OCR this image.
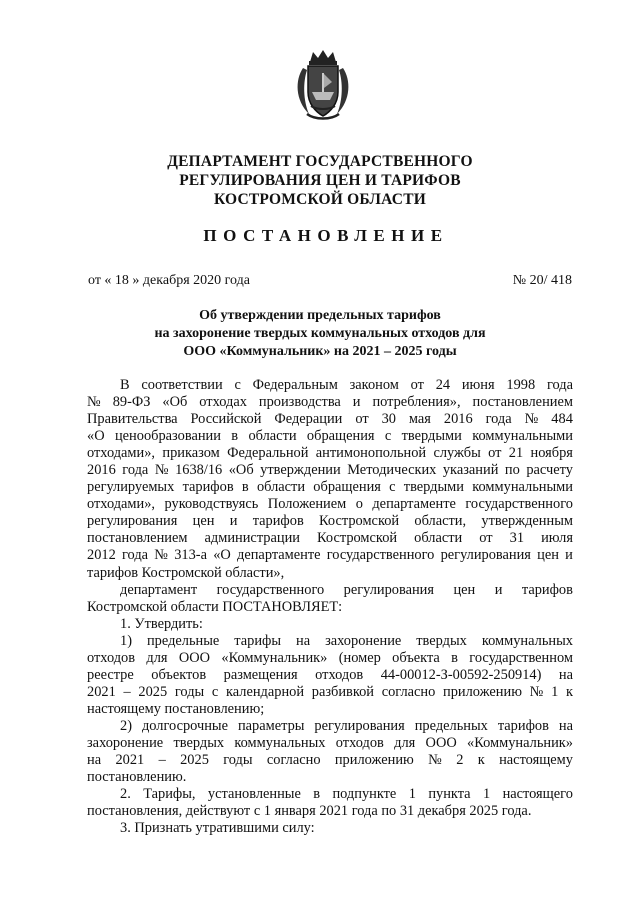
ДЕПАРТАМЕНТ ГОСУДАРСТВЕННОГО
РЕГУЛИРОВАНИЯ ЦЕН И ТАРИФОВ
КОСТРОМСКОЙ ОБЛАСТИ
ПОСТАНОВЛЕНИЕ
от « 18 » декабря 2020 года	№ 20/ 418
Об утверждении предельных тарифов
на захоронение твердых коммунальных отходов для
ООО «Коммунальник» на 2021 – 2025 годы
В соответствии с Федеральным законом от 24 июня 1998 года
№ 89-ФЗ «Об отходах производства и потребления», постановлением
Правительства Российской Федерации от 30 мая 2016 года № 484
«О ценообразовании в области обращения с твердыми коммунальными
отходами», приказом Федеральной антимонопольной службы от 21 ноября
2016 года № 1638/16 «Об утверждении Методических указаний по расчету
регулируемых тарифов в области обращения с твердыми коммунальными
отходами», руководствуясь Положением о департаменте государственного
регулирования цен и тарифов Костромской области, утвержденным
постановлением администрации Костромской области от 31 июля
2012 года № 313-а «О департаменте государственного регулирования цен и
тарифов Костромской области»,
департамент государственного регулирования цен и тарифов
Костромской области ПОСТАНОВЛЯЕТ:
1. Утвердить:
1) предельные тарифы на захоронение твердых коммунальных
отходов для ООО «Коммунальник» (номер объекта в государственном
реестре объектов размещения отходов 44-00012-З-00592-250914) на
2021 – 2025 годы с календарной разбивкой согласно приложению № 1 к
настоящему постановлению;
2) долгосрочные параметры регулирования предельных тарифов на
захоронение твердых коммунальных отходов для ООО «Коммунальник»
на 2021 – 2025 годы согласно приложению № 2 к настоящему
постановлению.
2. Тарифы, установленные в подпункте 1 пункта 1 настоящего
постановления, действуют с 1 января 2021 года по 31 декабря 2025 года.
3. Признать утратившими силу:
